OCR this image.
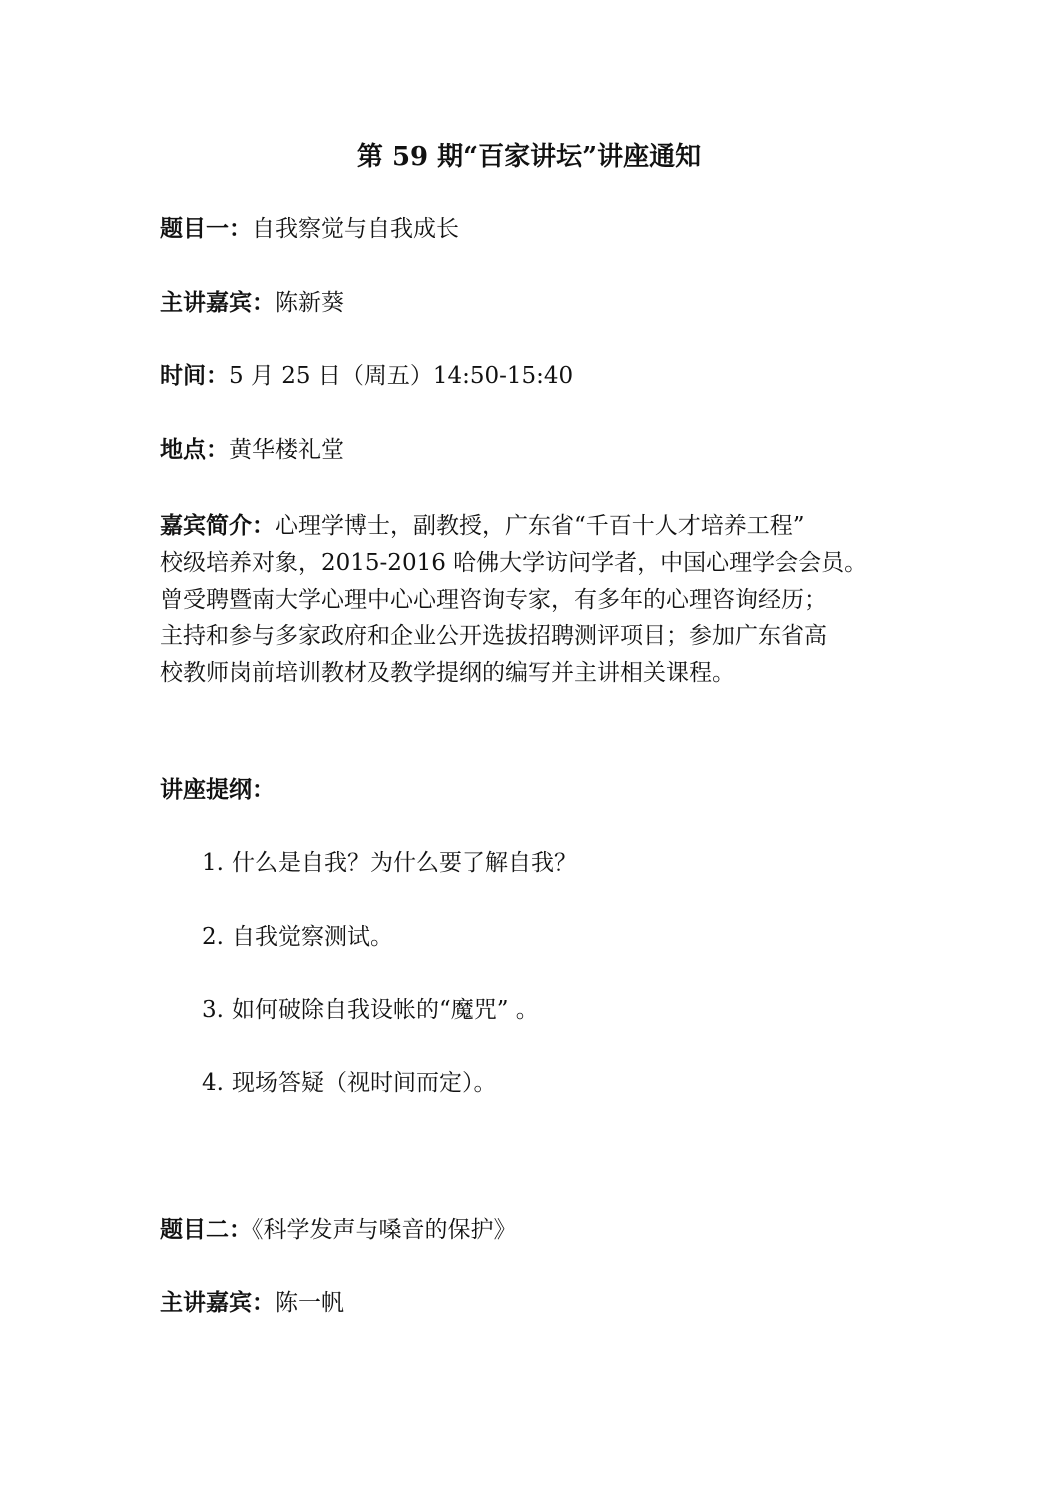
第 59 期“百家讲坛”讲座通知
题目一：自我察觉与自我成长
主讲嘉宾：陈新葵
时间：5 月 25 日（周五）14:50-15:40
地点：黄华楼礼堂
嘉宾简介：心理学博士，副教授，广东省“千百十人才培养工程”
校级培养对象，2015-2016 哈佛大学访问学者，中国心理学会会员。
曾受聘暨南大学心理中心心理咨询专家，有多年的心理咨询经历；
主持和参与多家政府和企业公开选拔招聘测评项目；参加广东省高
校教师岗前培训教材及教学提纲的编写并主讲相关课程。
讲座提纲：
1. 什么是自我？为什么要了解自我？
2. 自我觉察测试。
3. 如何破除自我设帐的“魔咒” 。
4. 现场答疑（视时间而定）。
题目二：《科学发声与嗓音的保护》
主讲嘉宾：陈一帆
